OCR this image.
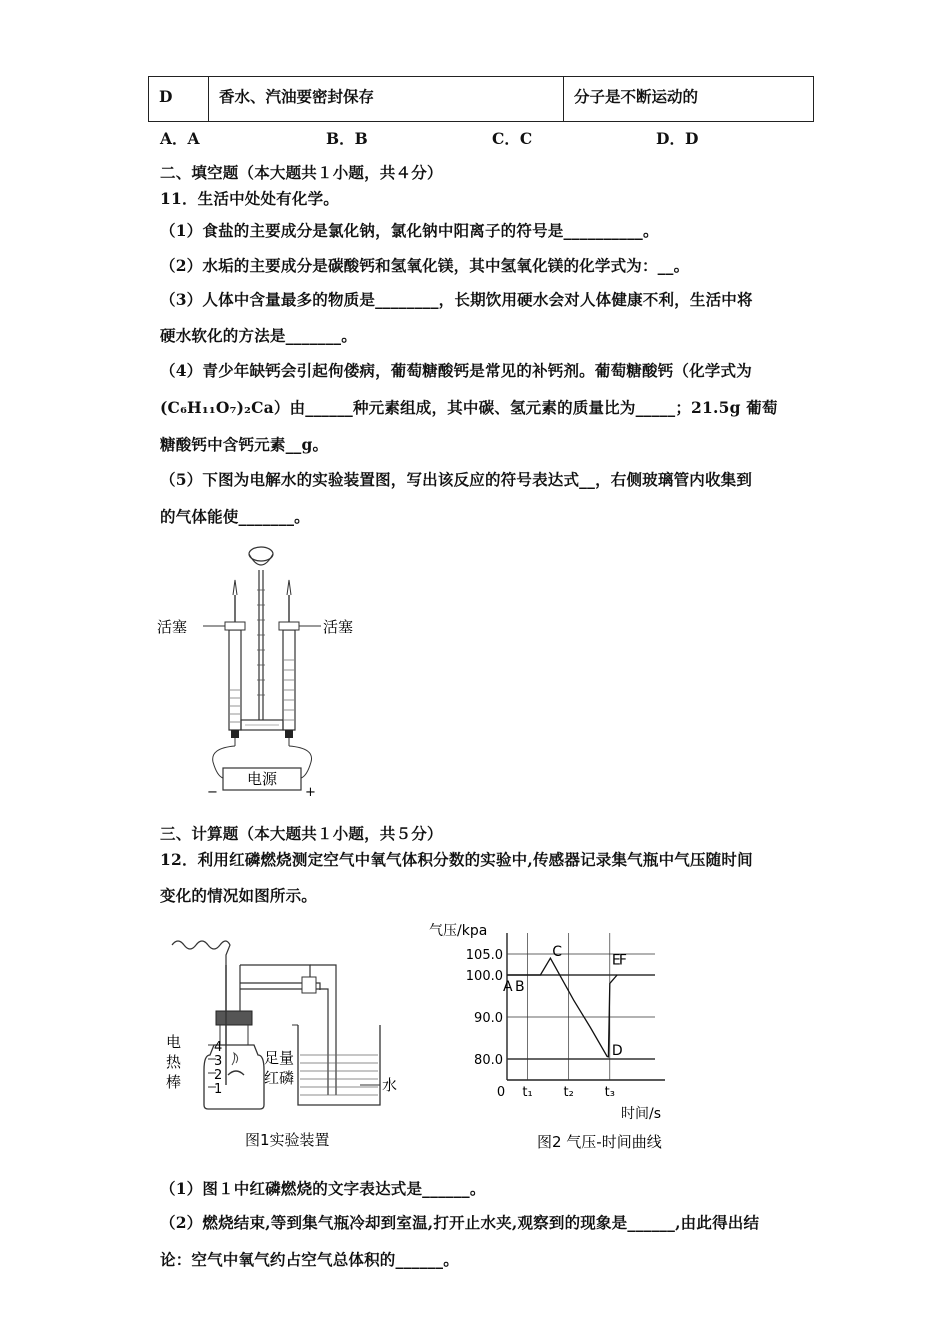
D	香水、汽油要密封保存	分子是不断运动的
A．A	B．B	C．C	D．D
二、填空题（本大题共１小题，共４分）
11．生活中处处有化学。
（1）食盐的主要成分是氯化钠，氯化钠中阳离子的符号是__________。
（2）水垢的主要成分是碳酸钙和氢氧化镁，其中氢氧化镁的化学式为：__。
（3）人体中含量最多的物质是________，长期饮用硬水会对人体健康不利，生活中将
硬水软化的方法是_______。
（4）青少年缺钙会引起佝偻病，葡萄糖酸钙是常见的补钙剂。葡萄糖酸钙（化学式为
(C₆H₁₁O₇)₂Ca）由______种元素组成，其中碳、氢元素的质量比为_____；21.5g 葡萄
糖酸钙中含钙元素__g。
（5）下图为电解水的实验装置图，写出该反应的符号表达式__，右侧玻璃管内收集到
的气体能使_______。
电源
−	+
活塞	活塞
三、计算题（本大题共１小题，共５分）
12．利用红磷燃烧测定空气中氧气体积分数的实验中,传感器记录集气瓶中气压随时间
变化的情况如图所示。
4
3
2
1	水
足量
红磷
电
热
棒
图1实验装置
气压/kpa
时间/s
图2 气压-时间曲线
105.0
100.0
90.0
80.0
0 t₁ t₂ t₃
A B
C
D
E
F
（1）图１中红磷燃烧的文字表达式是______。
（2）燃烧结束,等到集气瓶冷却到室温,打开止水夹,观察到的现象是______,由此得出结
论：空气中氧气约占空气总体积的______。
